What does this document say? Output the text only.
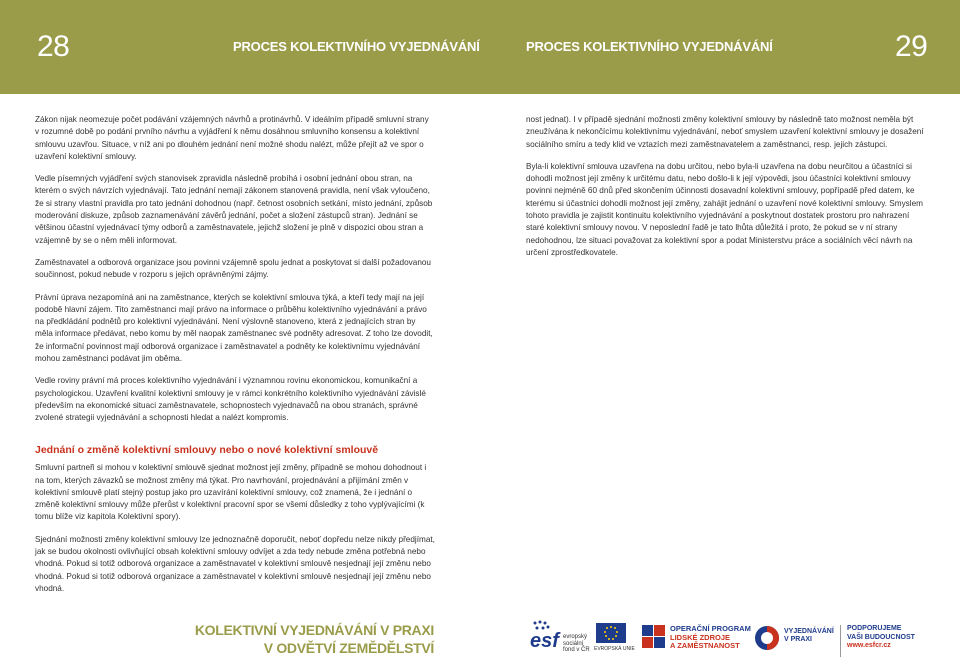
28	PROCES KOLEKTIVNÍHO VYJEDNÁVÁNÍ	PROCES KOLEKTIVNÍHO VYJEDNÁVÁNÍ	29

Zákon nijak neomezuje počet podávání vzájemných návrhů a protinávrhů. V ideálním případě smluvní strany v rozumné době po podání prvního návrhu a vyjádření k němu dosáhnou smluvního konsensu a kolektivní smlouvu uzavřou. Situace, v níž ani po dlouhém jednání není možné shodu nalézt, může přejít až ve spor o uzavření kolektivní smlouvy.

Vedle písemných vyjádření svých stanovisek zpravidla následně probíhá i osobní jednání obou stran, na kterém o svých návrzích vyjednávají. Tato jednání nemají zákonem stanovená pravidla, není však vyloučeno, že si strany vlastní pravidla pro tato jednání dohodnou (např. četnost osobních setkání, místo jednání, způsob moderování diskuze, způsob zaznamenávání závěrů jednání, počet a složení zástupců stran). Jednání se většinou účastní vyjednávací týmy odborů a zaměstnavatele, jejichž složení je plně v dispozici obou stran a vzájemně by se o něm měli informovat.

Zaměstnavatel a odborová organizace jsou povinni vzájemně spolu jednat a poskytovat si další požadovanou součinnost, pokud nebude v rozporu s jejich oprávněnými zájmy.

Právní úprava nezapomíná ani na zaměstnance, kterých se kolektivní smlouva týká, a kteří tedy mají na její podobě hlavní zájem. Tito zaměstnanci mají právo na informace o průběhu kolektivního vyjednávání a právo na předkládání podnětů pro kolektivní vyjednávání. Není výslovně stanoveno, která z jednajících stran by měla informace předávat, nebo komu by měl naopak zaměstnanec své podněty adresovat. Z toho lze dovodit, že informační povinnost mají odborová organizace i zaměstnavatel a podněty ke kolektivnímu vyjednávání mohou zaměstnanci podávat jim oběma.

Vedle roviny právní má proces kolektivního vyjednávání i významnou rovinu ekonomickou, komunikační a psychologickou. Uzavření kvalitní kolektivní smlouvy je v rámci konkrétního kolektivního vyjednávání závislé především na ekonomické situaci zaměstnavatele, schopnostech vyjednavačů na obou stranách, správné zvolené strategii vyjednávání a schopnosti hledat a nalézt kompromis.

Jednání o změně kolektivní smlouvy nebo o nové kolektivní smlouvě

Smluvní partneři si mohou v kolektivní smlouvě sjednat možnost její změny, případně se mohou dohodnout i na tom, kterých závazků se možnost změny má týkat. Pro navrhování, projednávání a přijímání změn v kolektivní smlouvě platí stejný postup jako pro uzavírání kolektivní smlouvy, což znamená, že i jednání o změně kolektivní smlouvy může přerůst v kolektivní pracovní spor se všemi důsledky z toho vyplývajícími (k tomu blíže viz kapitola Kolektivní spory).

Sjednání možnosti změny kolektivní smlouvy lze jednoznačně doporučit, neboť dopředu nelze nikdy předjímat, jak se budou okolnosti ovlivňující obsah kolektivní smlouvy odvíjet a zda tedy nebude změna potřebná nebo vhodná. Pokud si totiž odborová organizace a zaměstnavatel v kolektivní smlouvě nesjednají její změnu nebo vhodná. Pokud si totiž odborová organizace a zaměstnavatel v kolektivní smlouvě nesjednají její změnu nebo vhodná.

nost jednat). I v případě sjednání možnosti změny kolektivní smlouvy by následně tato možnost neměla být zneužívána k nekončícímu kolektivnímu vyjednávání, neboť smyslem uzavření kolektivní smlouvy je dosažení sociálního smíru a tedy klid ve vztazích mezi zaměstnavatelem a zaměstnanci, resp. jejich zástupci.

Byla-li kolektivní smlouva uzavřena na dobu určitou, nebo byla-li uzavřena na dobu neurčitou a účastníci si dohodli možnost její změny k určitému datu, nebo došlo-li k její výpovědi, jsou účastníci kolektivní smlouvy povinni nejméně 60 dnů před skončením účinnosti dosavadní kolektivní smlouvy, popřípadě před datem, ke kterému si účastníci dohodli možnost její změny, zahájit jednání o uzavření nové kolektivní smlouvy. Smyslem tohoto pravidla je zajistit kontinuitu kolektivního vyjednávání a poskytnout dostatek prostoru pro nahrazení staré kolektivní smlouvy novou. V neposlední řadě je tato lhůta důležitá i proto, že pokud se v ní strany nedohodnou, lze situaci považovat za kolektivní spor a podat Ministerstvu práce a sociálních věcí návrh na určení zprostředkovatele.

KOLEKTIVNÍ VYJEDNÁVÁNÍ V PRAXI
V ODVĚTVÍ ZEMĚDĚLSTVÍ	esf evropský sociální fond v ČR EVROPSKÁ UNIE
OPERAČNÍ PROGRAM
LIDSKÉ ZDROJE
A ZAMĚSTNANOST
VYJEDNÁVÁNÍ
V PRAXI
PODPORUJEME
VAŠI BUDOUCNOST
www.esfcr.cz
